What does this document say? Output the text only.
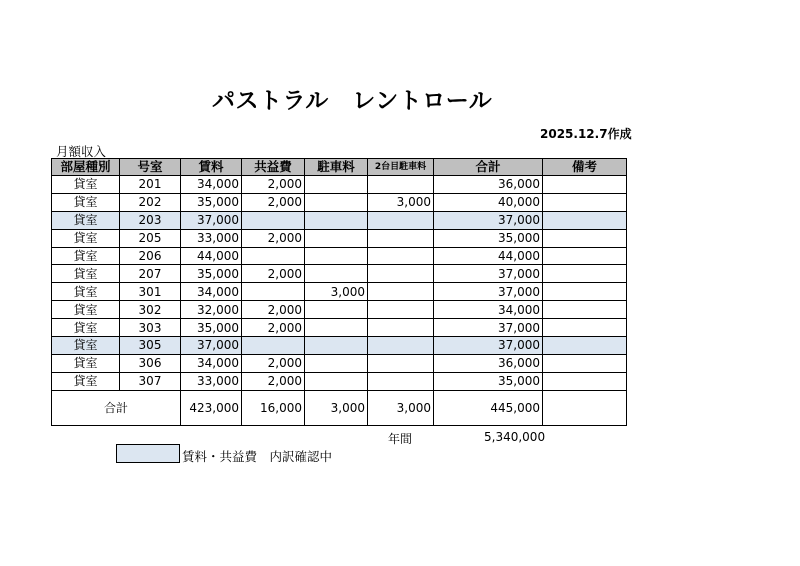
パストラル　レントロール
2025.12.7作成
月額収入
部屋種別	号室	賃料	共益費	駐車料	2台目駐車料	合計	備考
貸室	201	34,000	2,000			36,000	
貸室	202	35,000	2,000		3,000	40,000	
貸室	203	37,000				37,000	
貸室	205	33,000	2,000			35,000	
貸室	206	44,000				44,000	
貸室	207	35,000	2,000			37,000	
貸室	301	34,000		3,000		37,000	
貸室	302	32,000	2,000			34,000	
貸室	303	35,000	2,000			37,000	
貸室	305	37,000				37,000	
貸室	306	34,000	2,000			36,000	
貸室	307	33,000	2,000			35,000	
合計		423,000	16,000	3,000	3,000	445,000	
年間	5,340,000
賃料・共益費　内訳確認中
